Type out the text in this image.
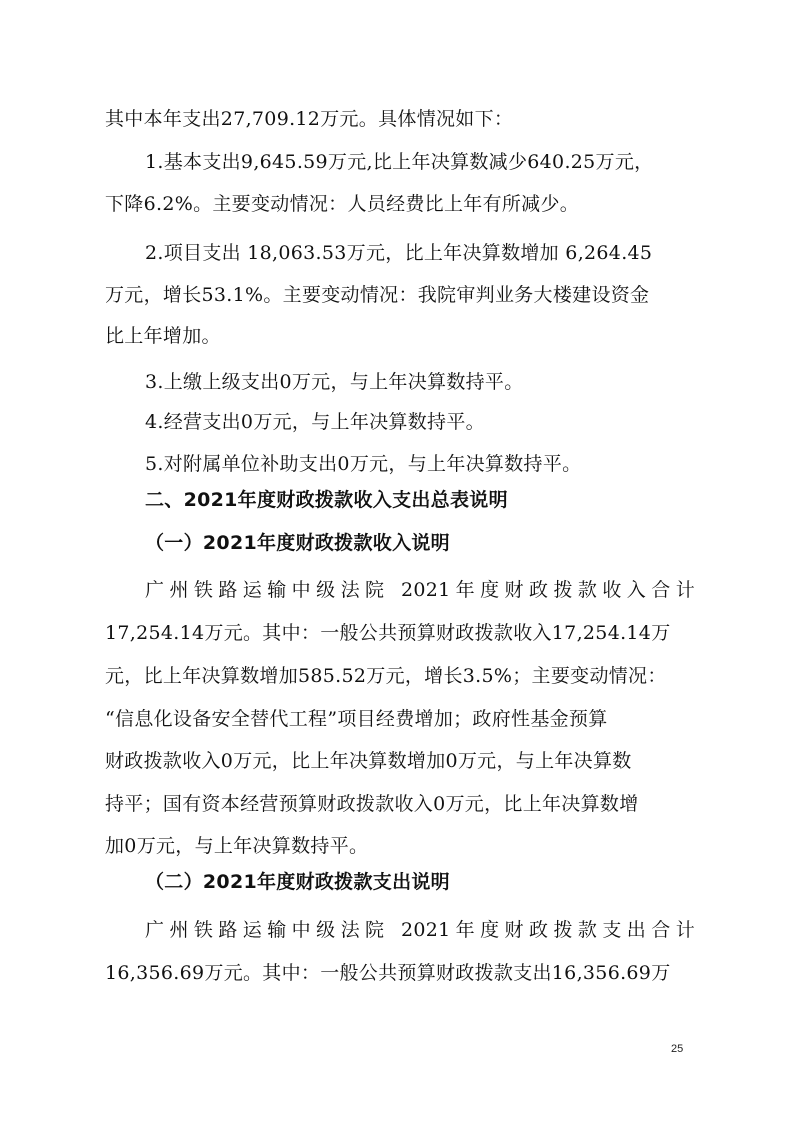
其中本年支出27,709.12万元。具体情况如下：
1.基本支出9,645.59万元,比上年决算数减少640.25万元，
下降6.2%。主要变动情况：人员经费比上年有所减少。
2.项目支出 18,063.53万元，比上年决算数增加 6,264.45
万元，增长53.1%。主要变动情况：我院审判业务大楼建设资金
比上年增加。
3.上缴上级支出0万元，与上年决算数持平。
4.经营支出0万元，与上年决算数持平。
5.对附属单位补助支出0万元，与上年决算数持平。
二、2021年度财政拨款收入支出总表说明
（一）2021年度财政拨款收入说明
广州铁路运输中级法院 2021年度财政拨款收入合计
17,254.14万元。其中：一般公共预算财政拨款收入17,254.14万
元，比上年决算数增加585.52万元，增长3.5%；主要变动情况：
“信息化设备安全替代工程”项目经费增加；政府性基金预算
财政拨款收入0万元，比上年决算数增加0万元，与上年决算数
持平；国有资本经营预算财政拨款收入0万元，比上年决算数增
加0万元，与上年决算数持平。
（二）2021年度财政拨款支出说明
广州铁路运输中级法院 2021年度财政拨款支出合计
16,356.69万元。其中：一般公共预算财政拨款支出16,356.69万
25
